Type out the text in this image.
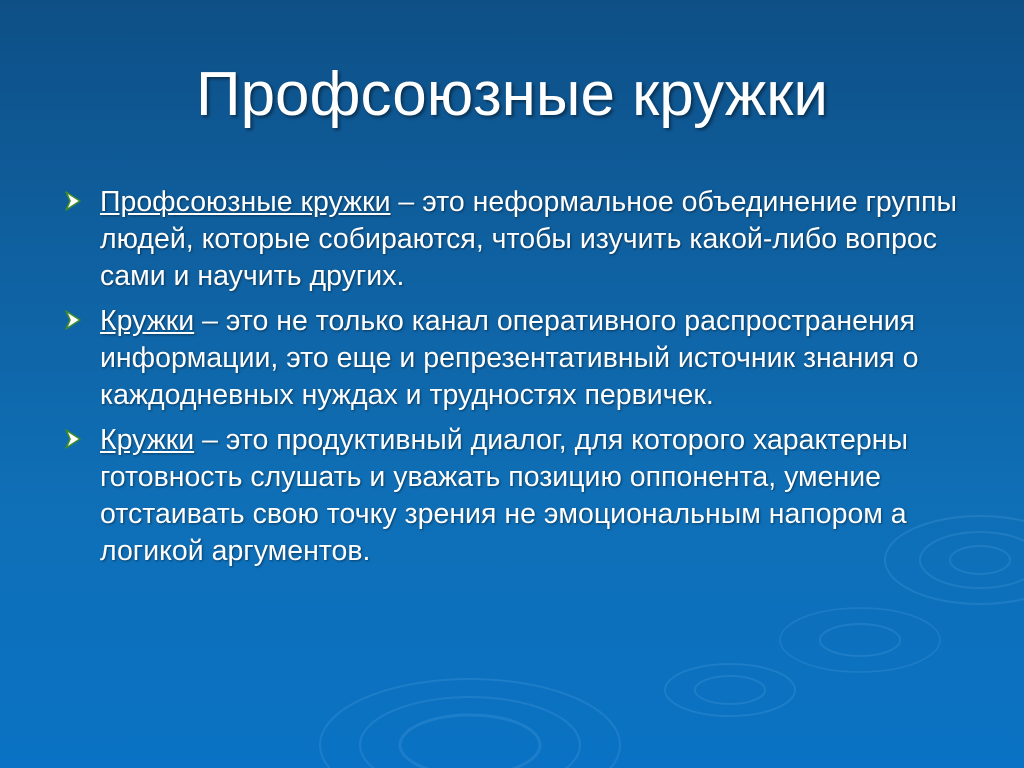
Профсоюзные кружки
Профсоюзные кружки – это неформальное объединение группы людей, которые собираются, чтобы изучить какой-либо вопрос сами и научить других.
Кружки – это не только канал оперативного распространения информации, это еще и репрезентативный источник знания о каждодневных нуждах и трудностях первичек.
Кружки – это продуктивный диалог, для которого характерны готовность слушать и уважать позицию оппонента, умение отстаивать свою точку зрения не эмоциональным напором а логикой аргументов.
